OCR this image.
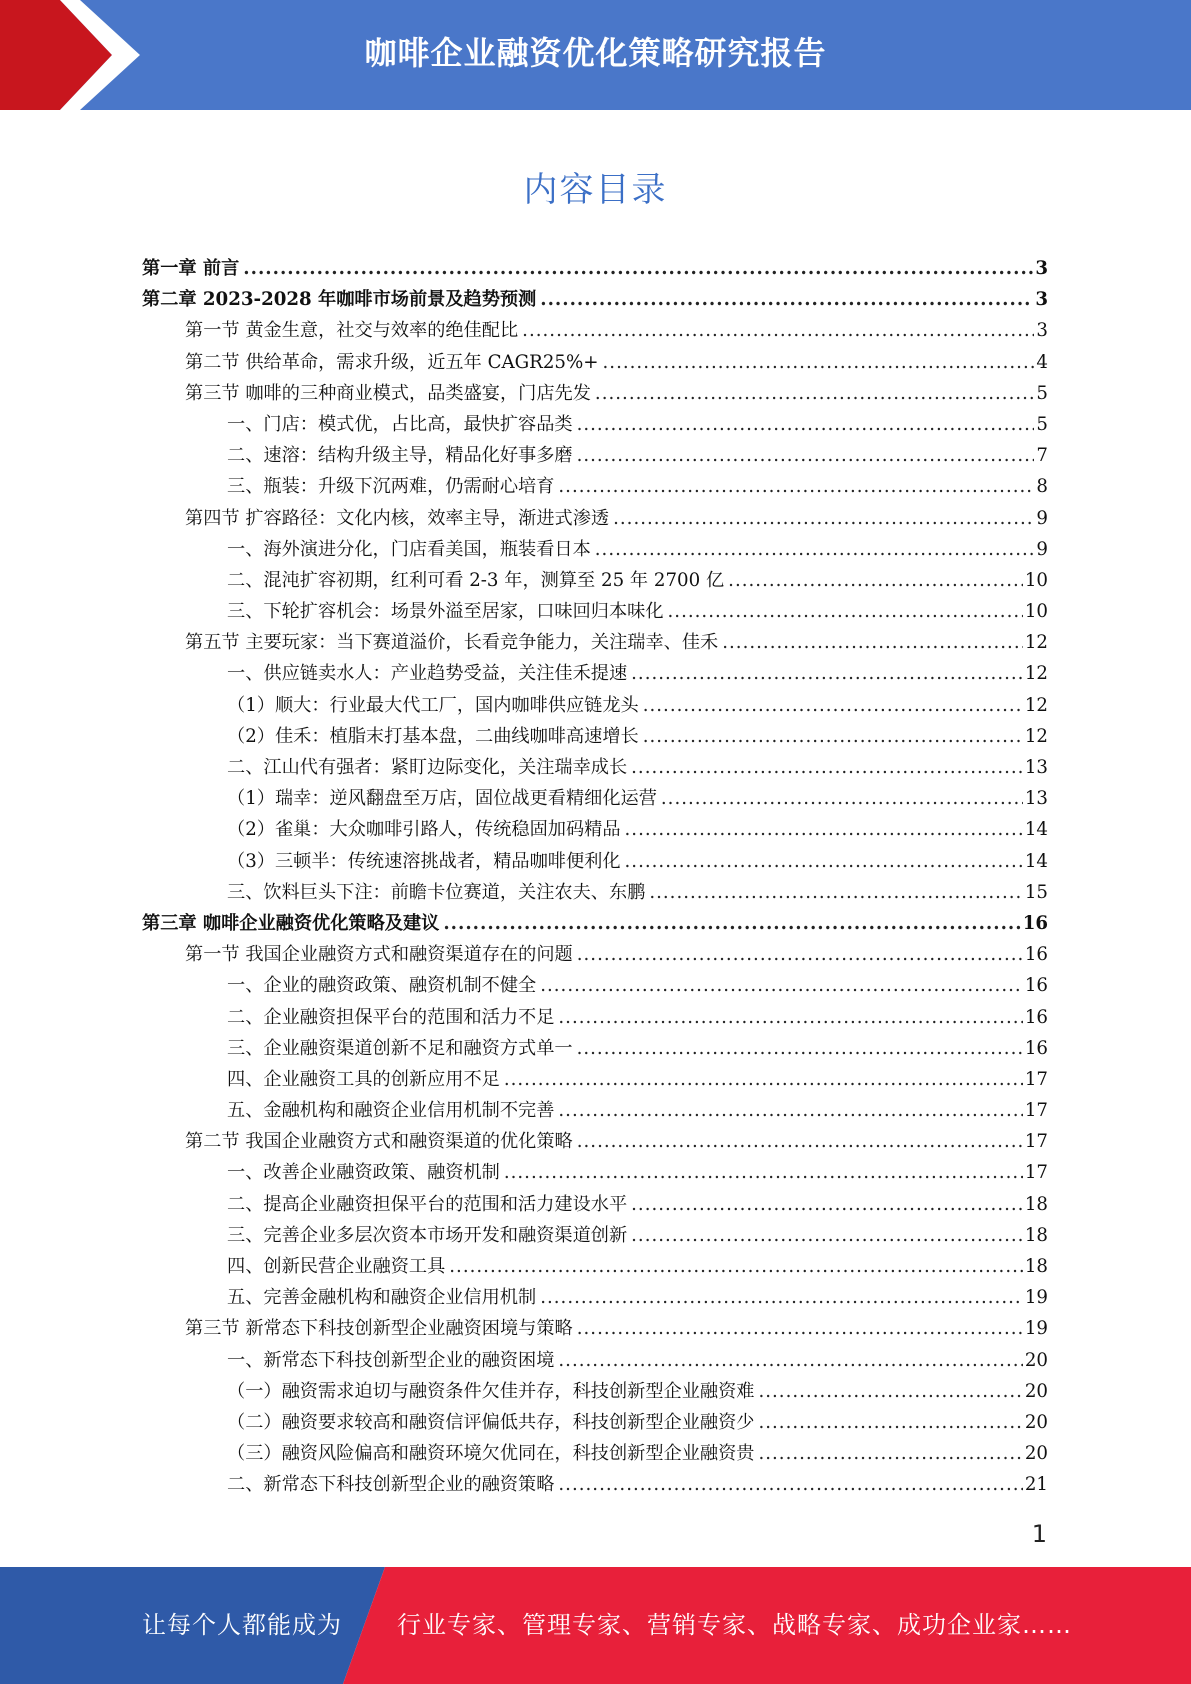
咖啡企业融资优化策略研究报告
内容目录
第一章 前言 .....	3
第二章 2023-2028 年咖啡市场前景及趋势预测 .....	3
第一节 黄金生意，社交与效率的绝佳配比 .....	3
第二节 供给革命，需求升级，近五年 CAGR25%+ .....	4
第三节 咖啡的三种商业模式，品类盛宴，门店先发 .....	5
一、门店：模式优，占比高，最快扩容品类 .....	5
二、速溶：结构升级主导，精品化好事多磨 .....	7
三、瓶装：升级下沉两难，仍需耐心培育 .....	8
第四节 扩容路径：文化内核，效率主导，渐进式渗透 .....	9
一、海外演进分化，门店看美国，瓶装看日本 .....	9
二、混沌扩容初期，红利可看 2-3 年，测算至 25 年 2700 亿 .....	10
三、下轮扩容机会：场景外溢至居家，口味回归本味化 .....	10
第五节 主要玩家：当下赛道溢价，长看竞争能力，关注瑞幸、佳禾 .....	12
一、供应链卖水人：产业趋势受益，关注佳禾提速 .....	12
（1）顺大：行业最大代工厂，国内咖啡供应链龙头 .....	12
（2）佳禾：植脂末打基本盘，二曲线咖啡高速增长 .....	12
二、江山代有强者：紧盯边际变化，关注瑞幸成长 .....	13
（1）瑞幸：逆风翻盘至万店，固位战更看精细化运营 .....	13
（2）雀巢：大众咖啡引路人，传统稳固加码精品 .....	14
（3）三顿半：传统速溶挑战者，精品咖啡便利化 .....	14
三、饮料巨头下注：前瞻卡位赛道，关注农夫、东鹏 .....	15
第三章 咖啡企业融资优化策略及建议 .....	16
第一节 我国企业融资方式和融资渠道存在的问题 .....	16
一、企业的融资政策、融资机制不健全 .....	16
二、企业融资担保平台的范围和活力不足 .....	16
三、企业融资渠道创新不足和融资方式单一 .....	16
四、企业融资工具的创新应用不足 .....	17
五、金融机构和融资企业信用机制不完善 .....	17
第二节 我国企业融资方式和融资渠道的优化策略 .....	17
一、改善企业融资政策、融资机制 .....	17
二、提高企业融资担保平台的范围和活力建设水平 .....	18
三、完善企业多层次资本市场开发和融资渠道创新 .....	18
四、创新民营企业融资工具 .....	18
五、完善金融机构和融资企业信用机制 .....	19
第三节 新常态下科技创新型企业融资困境与策略 .....	19
一、新常态下科技创新型企业的融资困境 .....	20
（一）融资需求迫切与融资条件欠佳并存，科技创新型企业融资难 .....	20
（二）融资要求较高和融资信评偏低共存，科技创新型企业融资少 .....	20
（三）融资风险偏高和融资环境欠优同在，科技创新型企业融资贵 .....	20
二、新常态下科技创新型企业的融资策略 .....	21
1
让每个人都能成为 行业专家、管理专家、营销专家、战略专家、成功企业家……
